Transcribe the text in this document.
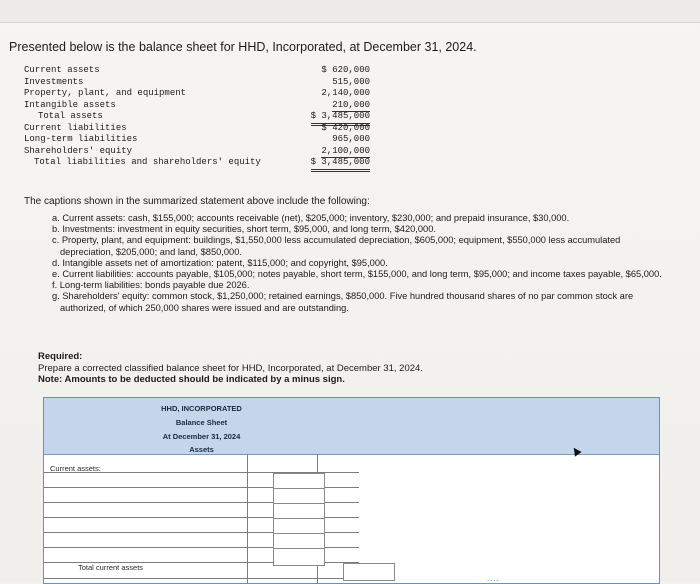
Presented below is the balance sheet for HHD, Incorporated, at December 31, 2024.
Current assets	$ 620,000
Investments	515,000
Property, plant, and equipment	2,140,000
Intangible assets	210,000
Total assets	$ 3,485,000
Current liabilities	$ 420,000
Long-term liabilities	965,000
Shareholders' equity	2,100,000
Total liabilities and shareholders' equity	$ 3,485,000
The captions shown in the summarized statement above include the following:
a. Current assets: cash, $155,000; accounts receivable (net), $205,000; inventory, $230,000; and prepaid insurance, $30,000.
b. Investments: investment in equity securities, short term, $95,000, and long term, $420,000.
c. Property, plant, and equipment: buildings, $1,550,000 less accumulated depreciation, $605,000; equipment, $550,000 less accumulated depreciation, $205,000; and land, $850,000.
d. Intangible assets net of amortization: patent, $115,000; and copyright, $95,000.
e. Current liabilities: accounts payable, $105,000; notes payable, short term, $155,000, and long term, $95,000; and income taxes payable, $65,000.
f. Long-term liabilities: bonds payable due 2026.
g. Shareholders' equity: common stock, $1,250,000; retained earnings, $850,000. Five hundred thousand shares of no par common stock are authorized, of which 250,000 shares were issued and are outstanding.
Required:
Prepare a corrected classified balance sheet for HHD, Incorporated, at December 31, 2024.
Note: Amounts to be deducted should be indicated by a minus sign.
HHD, INCORPORATED
Balance Sheet
At December 31, 2024
Assets
Current assets:
Total current assets
....
